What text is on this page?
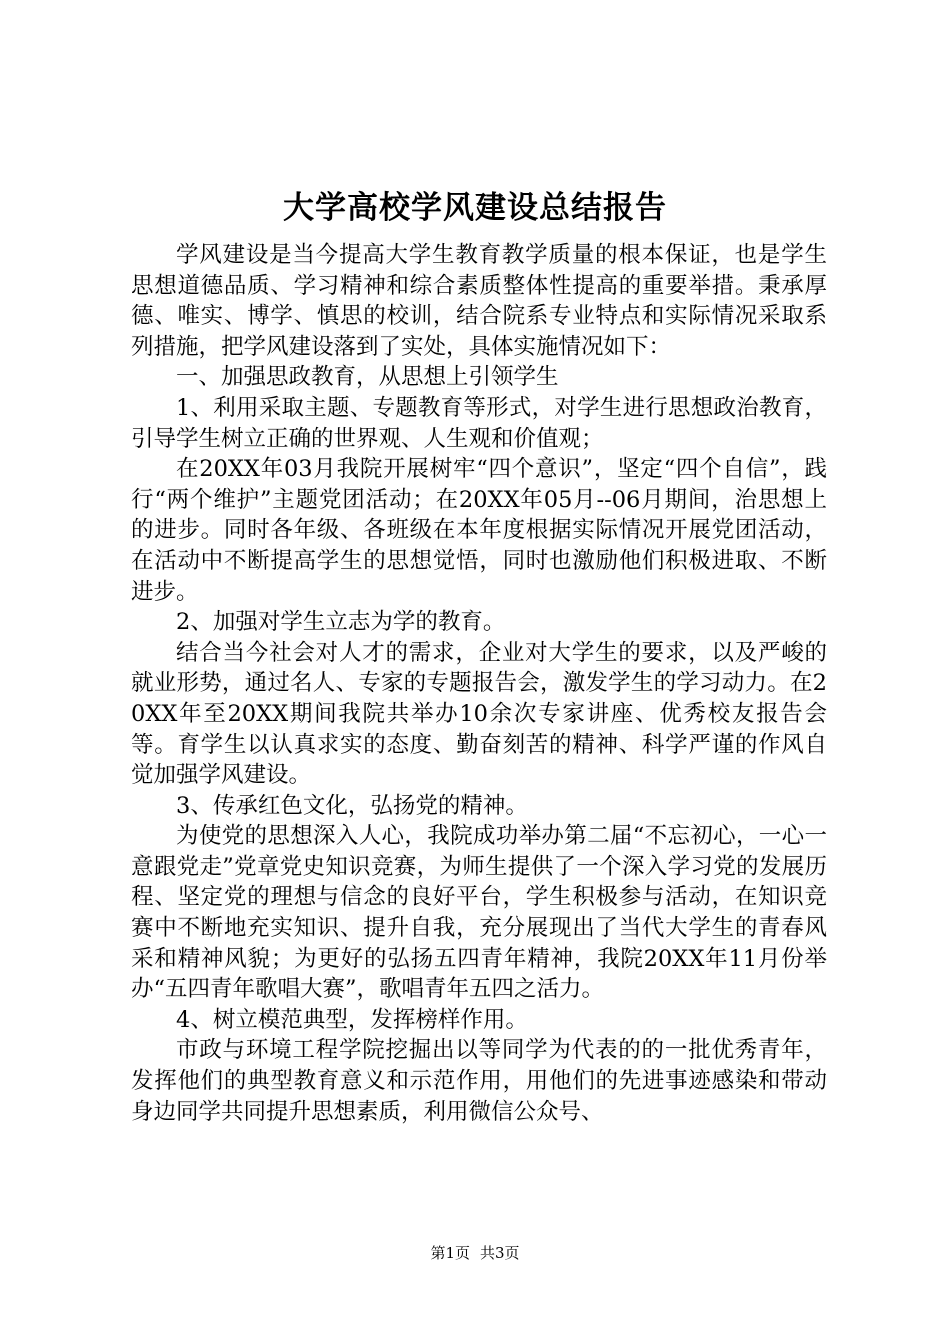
大学高校学风建设总结报告

学风建设是当今提高大学生教育教学质量的根本保证，也是学生思想道德品质、学习精神和综合素质整体性提高的重要举措。秉承厚德、唯实、博学、慎思的校训，结合院系专业特点和实际情况采取系列措施，把学风建设落到了实处，具体实施情况如下：

一、加强思政教育，从思想上引领学生

1、利用采取主题、专题教育等形式，对学生进行思想政治教育，引导学生树立正确的世界观、人生观和价值观；

在20XX年03月我院开展树牢“四个意识”，坚定“四个自信”，践行“两个维护”主题党团活动；在20XX年05月--06月期间，治思想上的进步。同时各年级、各班级在本年度根据实际情况开展党团活动，在活动中不断提高学生的思想觉悟，同时也激励他们积极进取、不断进步。

2、加强对学生立志为学的教育。

结合当今社会对人才的需求，企业对大学生的要求，以及严峻的就业形势，通过名人、专家的专题报告会，激发学生的学习动力。在20XX年至20XX期间我院共举办10余次专家讲座、优秀校友报告会等。育学生以认真求实的态度、勤奋刻苦的精神、科学严谨的作风自觉加强学风建设。

3、传承红色文化，弘扬党的精神。

为使党的思想深入人心，我院成功举办第二届“不忘初心，一心一意跟党走”党章党史知识竞赛，为师生提供了一个深入学习党的发展历程、坚定党的理想与信念的良好平台，学生积极参与活动，在知识竞赛中不断地充实知识、提升自我，充分展现出了当代大学生的青春风采和精神风貌；为更好的弘扬五四青年精神，我院20XX年11月份举办“五四青年歌唱大赛”，歌唱青年五四之活力。

4、树立模范典型，发挥榜样作用。

市政与环境工程学院挖掘出以等同学为代表的的一批优秀青年，发挥他们的典型教育意义和示范作用，用他们的先进事迹感染和带动身边同学共同提升思想素质，利用微信公众号、

第1页 共3页
